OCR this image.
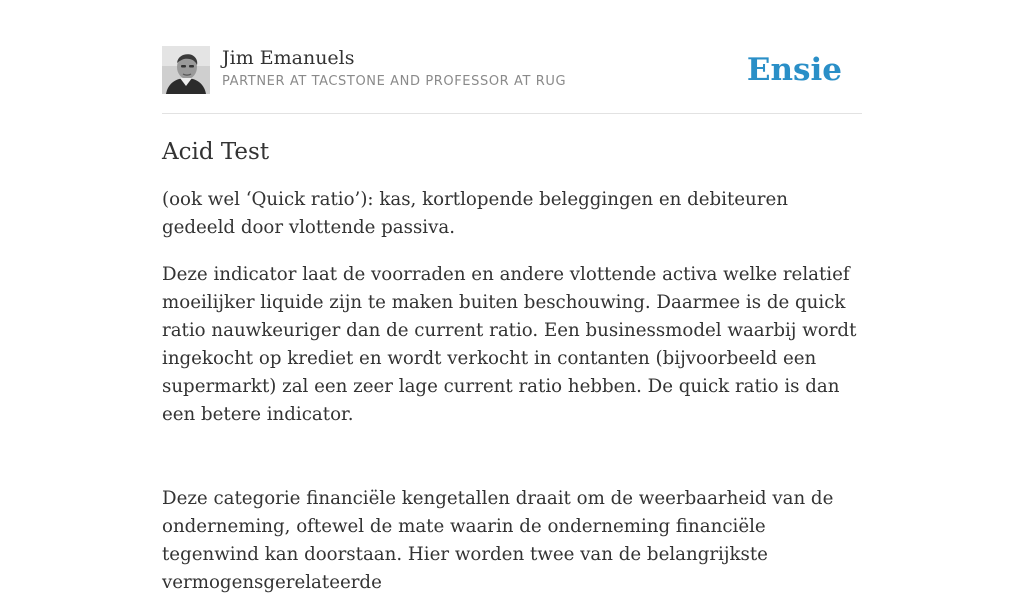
Jim Emanuels
PARTNER AT TACSTONE AND PROFESSOR AT RUG	Ensie
Acid Test

(ook wel ‘Quick ratio’): kas, kortlopende beleggingen en debiteuren gedeeld door vlottende passiva.

Deze indicator laat de voorraden en andere vlottende activa welke relatief moeilijker liquide zijn te maken buiten beschouwing. Daarmee is de quick ratio nauwkeuriger dan de current ratio. Een businessmodel waarbij wordt ingekocht op krediet en wordt verkocht in contanten (bijvoorbeeld een supermarkt) zal een zeer lage current ratio hebben. De quick ratio is dan een betere indicator.

Deze categorie financiële kengetallen draait om de weerbaarheid van de onderneming, oftewel de mate waarin de onderneming financiële tegenwind kan doorstaan. Hier worden twee van de belangrijkste vermogensgerelateerde
